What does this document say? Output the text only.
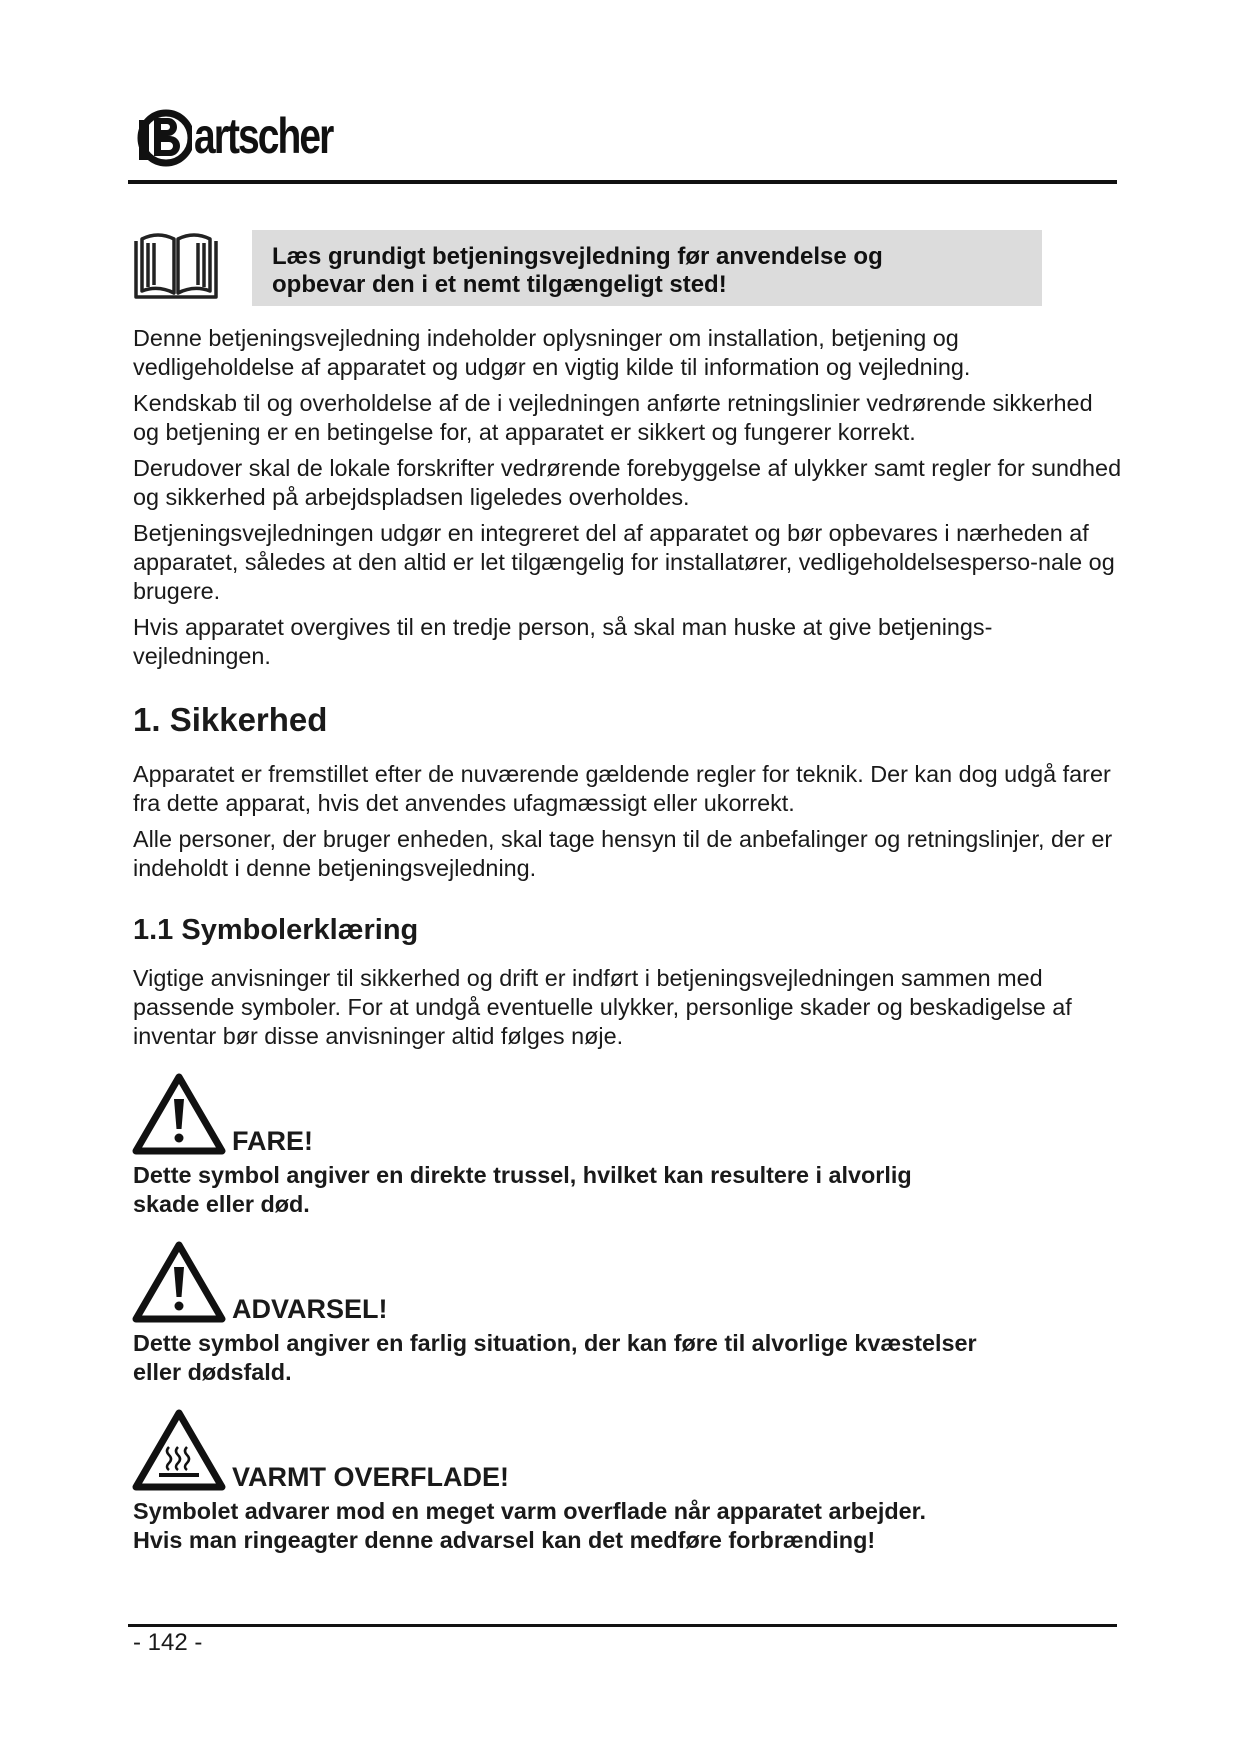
artscher

Læs grundigt betjeningsvejledning før anvendelse og
opbevar den i et nemt tilgængeligt sted!

Denne betjeningsvejledning indeholder oplysninger om installation, betjening og vedligeholdelse af apparatet og udgør en vigtig kilde til information og vejledning.

Kendskab til og overholdelse af de i vejledningen anførte retningslinier vedrørende sikkerhed og betjening er en betingelse for, at apparatet er sikkert og fungerer korrekt.

Derudover skal de lokale forskrifter vedrørende forebyggelse af ulykker samt regler for sundhed og sikkerhed på arbejdspladsen ligeledes overholdes.

Betjeningsvejledningen udgør en integreret del af apparatet og bør opbevares i nærheden af apparatet, således at den altid er let tilgængelig for installatører, vedligeholdelsesperso-nale og brugere.

Hvis apparatet overgives til en tredje person, så skal man huske at give betjenings-vejledningen.

1. Sikkerhed

Apparatet er fremstillet efter de nuværende gældende regler for teknik. Der kan dog udgå farer fra dette apparat, hvis det anvendes ufagmæssigt eller ukorrekt.

Alle personer, der bruger enheden, skal tage hensyn til de anbefalinger og retningslinjer, der er indeholdt i denne betjeningsvejledning.

1.1 Symbolerklæring

Vigtige anvisninger til sikkerhed og drift er indført i betjeningsvejledningen sammen med passende symboler. For at undgå eventuelle ulykker, personlige skader og beskadigelse af inventar bør disse anvisninger altid følges nøje.

FARE!

Dette symbol angiver en direkte trussel, hvilket kan resultere i alvorlig
skade eller død.

ADVARSEL!

Dette symbol angiver en farlig situation, der kan føre til alvorlige kvæstelser
eller dødsfald.

VARMT OVERFLADE!

Symbolet advarer mod en meget varm overflade når apparatet arbejder.
Hvis man ringeagter denne advarsel kan det medføre forbrænding!

- 142 -
